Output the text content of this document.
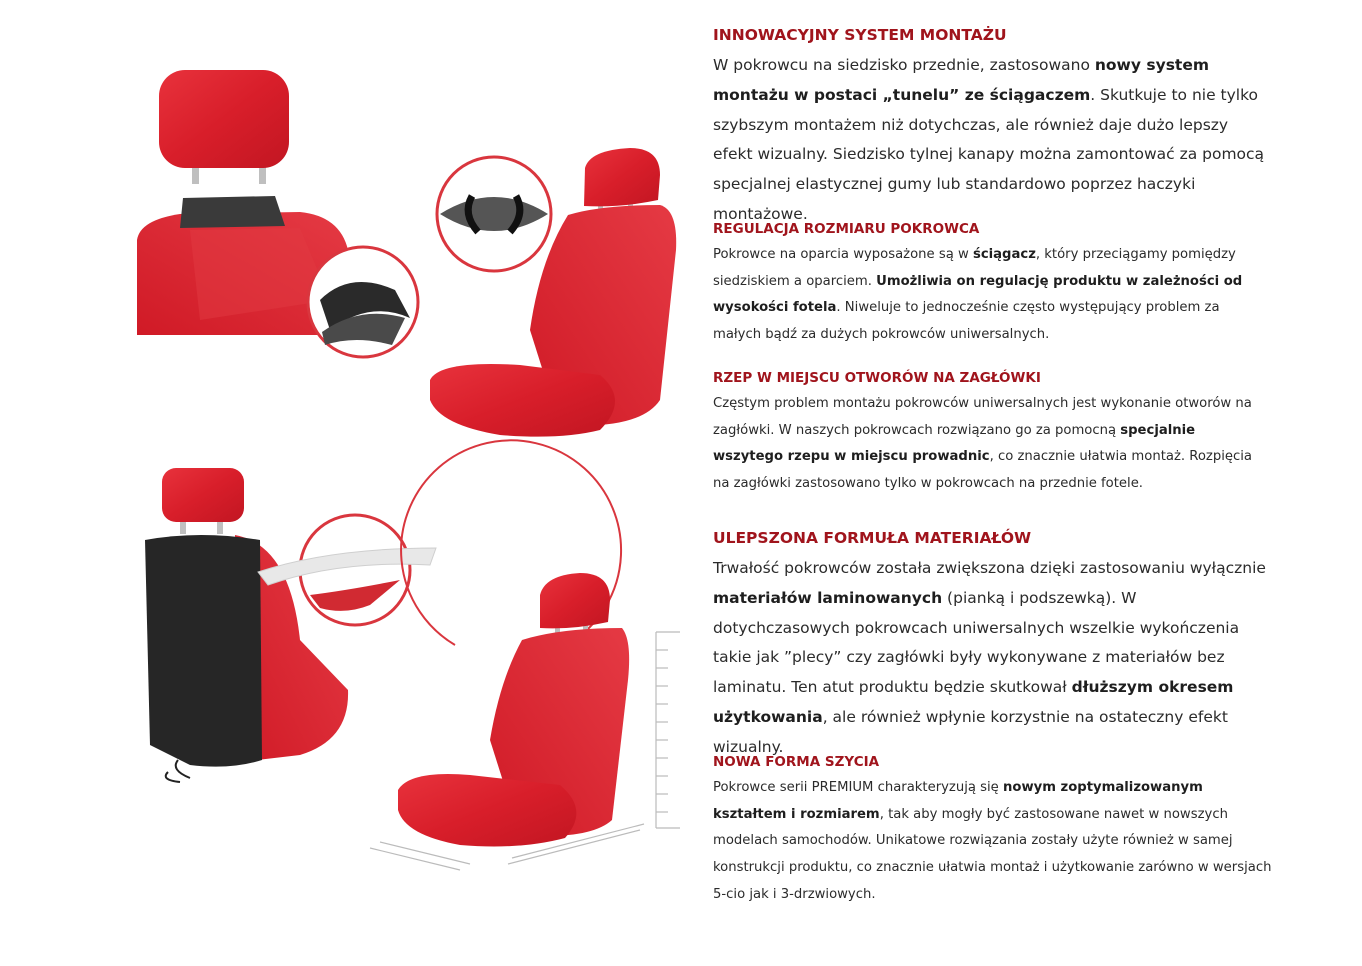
INNOWACYJNY SYSTEM MONTAŻU

W pokrowcu na siedzisko przednie, zastosowano nowy system montażu w postaci „tunelu” ze ściągaczem. Skutkuje to nie tylko szybszym montażem niż dotychczas, ale również daje dużo lepszy efekt wizualny. Siedzisko tylnej kanapy można zamontować za pomocą specjalnej elastycznej gumy lub standardowo poprzez haczyki montażowe.

REGULACJA ROZMIARU POKROWCA

Pokrowce na oparcia wyposażone są w ściągacz, który przeciągamy pomiędzy siedziskiem a oparciem. Umożliwia on regulację produktu w zależności od wysokości fotela. Niweluje to jednocześnie często występujący problem za małych bądź za dużych pokrowców uniwersalnych.

RZEP W MIEJSCU OTWORÓW NA ZAGŁÓWKI

Częstym problem montażu pokrowców uniwersalnych jest wykonanie otworów na zagłówki. W naszych pokrowcach rozwiązano go za pomocną specjalnie wszytego rzepu w miejscu prowadnic, co znacznie ułatwia montaż. Rozpięcia na zagłówki zastosowano tylko w pokrowcach na przednie fotele.

ULEPSZONA FORMUŁA MATERIAŁÓW

Trwałość pokrowców została zwiększona dzięki zastosowaniu wyłącznie materiałów laminowanych (pianką i podszewką). W dotychczasowych pokrowcach uniwersalnych wszelkie wykończenia takie jak ”plecy” czy zagłówki były wykonywane z materiałów bez laminatu. Ten atut produktu będzie skutkował dłuższym okresem użytkowania, ale również wpłynie korzystnie na ostateczny efekt wizualny.

NOWA FORMA SZYCIA

Pokrowce serii PREMIUM charakteryzują się nowym zoptymalizowanym kształtem i rozmiarem, tak aby mogły być zastosowane nawet w nowszych modelach samochodów. Unikatowe rozwiązania zostały użyte również w samej konstrukcji produktu, co znacznie ułatwia montaż i użytkowanie zarówno w wersjach 5-cio jak i 3-drzwiowych.
